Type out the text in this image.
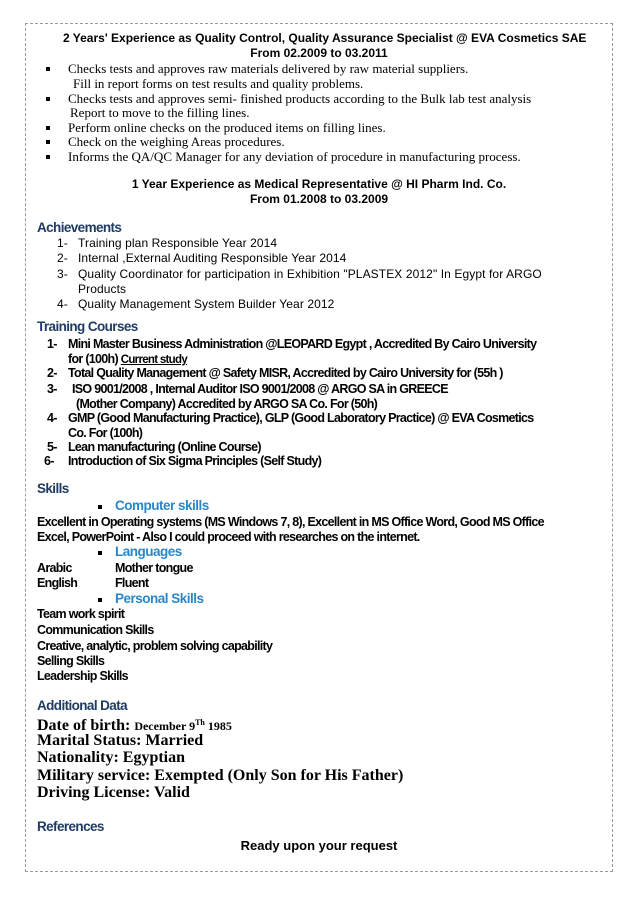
2 Years' Experience as Quality Control, Quality Assurance Specialist @ EVA Cosmetics SAE
From 02.2009 to 03.2011
Checks tests and approves raw materials delivered by raw material suppliers.
Fill in report forms on test results and quality problems.
Checks tests and approves semi- finished products according to the Bulk lab test analysis
Report to move to the filling lines.
Perform online checks on the produced items on filling lines.
Check on the weighing Areas procedures.
Informs the QA/QC Manager for any deviation of procedure in manufacturing process.
1 Year Experience as Medical Representative @ HI Pharm Ind. Co.
From 01.2008 to 03.2009
Achievements
1- Training plan Responsible Year 2014
2- Internal ,External Auditing Responsible Year 2014
3- Quality Coordinator for participation in Exhibition "PLASTEX 2012" In Egypt for ARGO
Products
4- Quality Management System Builder Year 2012
Training Courses
1- Mini Master Business Administration @LEOPARD Egypt , Accredited By Cairo University
for (100h) Current study
2- Total Quality Management @ Safety MISR, Accredited by Cairo University for (55h )
3- ISO 9001/2008 , Internal Auditor ISO 9001/2008 @ ARGO SA in GREECE
(Mother Company) Accredited by ARGO SA Co. For (50h)
4- GMP (Good Manufacturing Practice), GLP (Good Laboratory Practice) @ EVA Cosmetics
Co. For (100h)
5- Lean manufacturing (Online Course)
6- Introduction of Six Sigma Principles (Self Study)
Skills
Computer skills
Excellent in Operating systems (MS Windows 7, 8), Excellent in MS Office Word, Good MS Office
Excel, PowerPoint - Also I could proceed with researches on the internet.
Languages
Arabic	Mother tongue
English	Fluent
Personal Skills
Team work spirit
Communication Skills
Creative, analytic, problem solving capability
Selling Skills
Leadership Skills
Additional Data
Date of birth: December 9Th 1985
Marital Status: Married
Nationality: Egyptian
Military service: Exempted (Only Son for His Father)
Driving License: Valid
References
Ready upon your request
